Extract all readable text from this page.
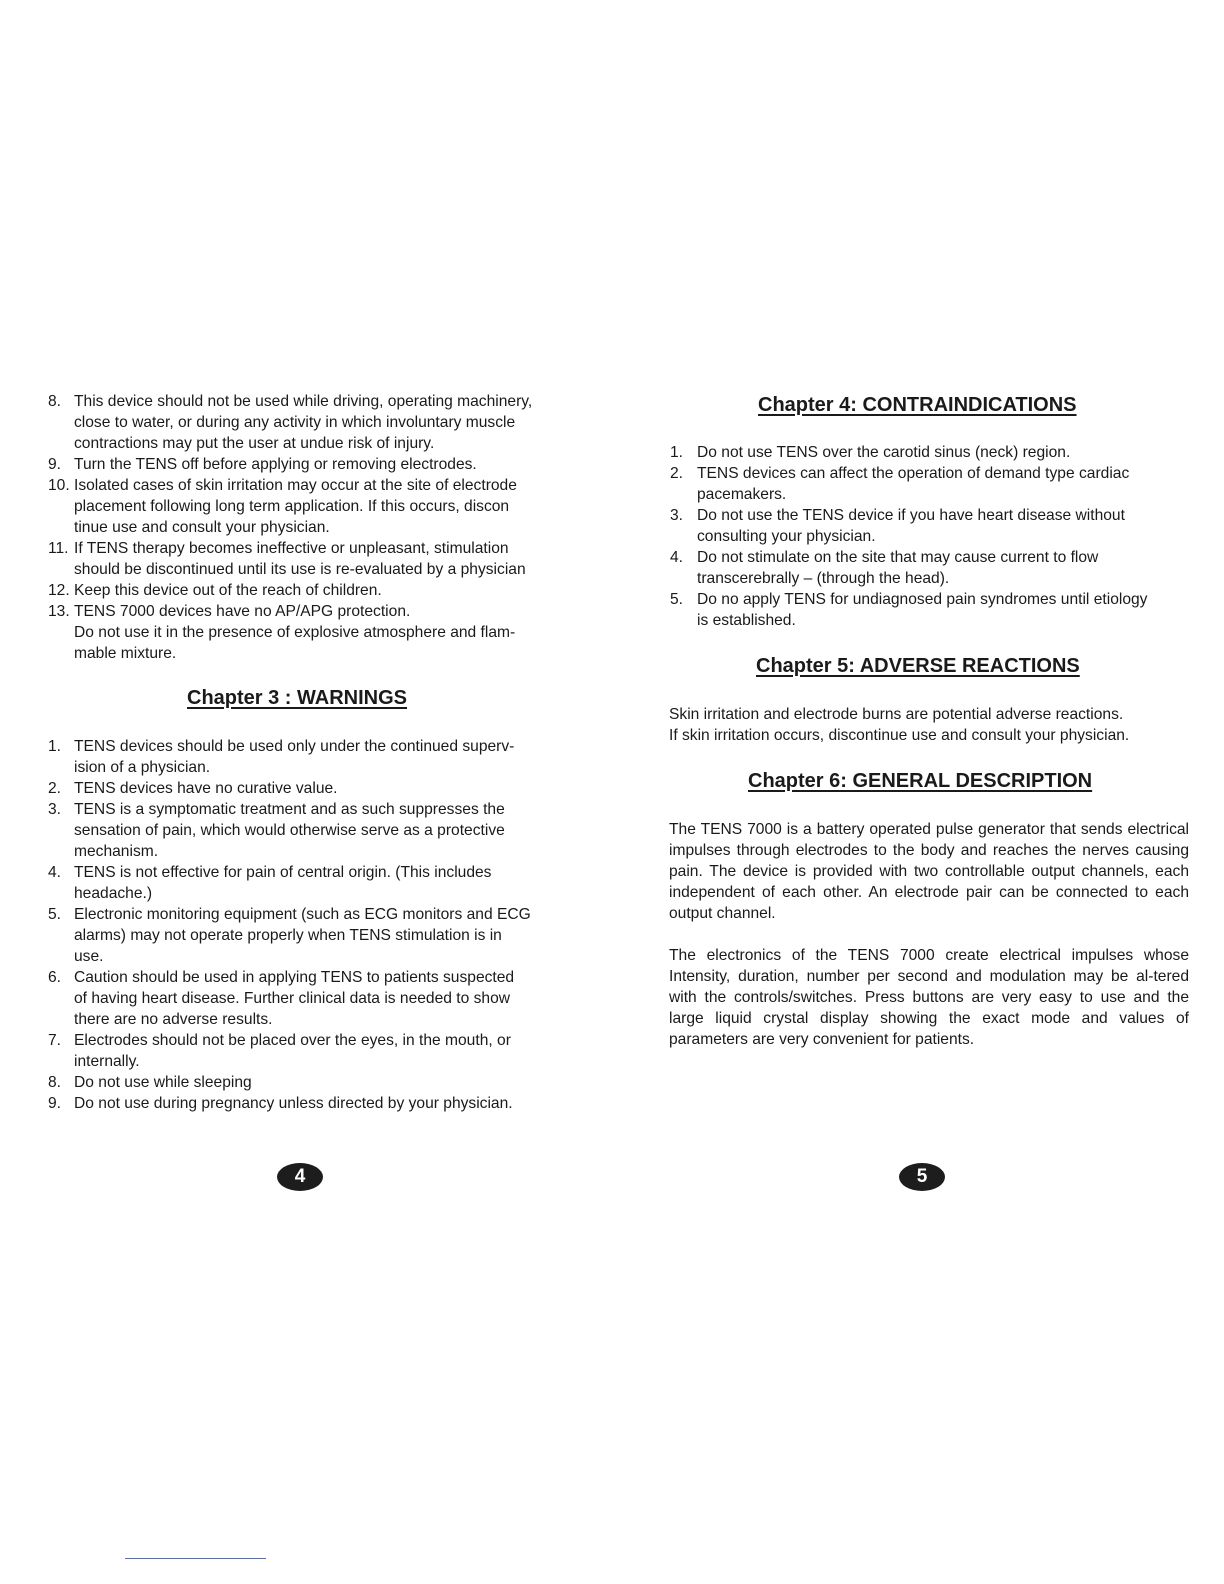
8. This device should not be used while driving, operating machinery,
close to water, or during any activity in which involuntary muscle
contractions may put the user at undue risk of injury.
9. Turn the TENS off before applying or removing electrodes.
10. Isolated cases of skin irritation may occur at the site of electrode
placement following long term application. If this occurs, discon
tinue use and consult your physician.
11. If TENS therapy becomes ineffective or unpleasant, stimulation
should be discontinued until its use is re-evaluated by a physician
12. Keep this device out of the reach of children.
13. TENS 7000 devices have no AP/APG protection.
Do not use it in the presence of explosive atmosphere and flam-
mable mixture.
Chapter 3 : WARNINGS
1. TENS devices should be used only under the continued superv-
ision of a physician.
2. TENS devices have no curative value.
3. TENS is a symptomatic treatment and as such suppresses the
sensation of pain, which would otherwise serve as a protective
mechanism.
4. TENS is not effective for pain of central origin. (This includes
headache.)
5. Electronic monitoring equipment (such as ECG monitors and ECG
alarms) may not operate properly when TENS stimulation is in
use.
6. Caution should be used in applying TENS to patients suspected
of having heart disease. Further clinical data is needed to show
there are no adverse results.
7. Electrodes should not be placed over the eyes, in the mouth, or
internally.
8. Do not use while sleeping
9. Do not use during pregnancy unless directed by your physician.
4
Chapter 4: CONTRAINDICATIONS
1. Do not use TENS over the carotid sinus (neck) region.
2. TENS devices can affect the operation of demand type cardiac
pacemakers.
3. Do not use the TENS device if you have heart disease without
consulting your physician.
4. Do not stimulate on the site that may cause current to flow
transcerebrally – (through the head).
5. Do no apply TENS for undiagnosed pain syndromes until etiology
is established.
Chapter 5: ADVERSE REACTIONS

Skin irritation and electrode burns are potential adverse reactions.
If skin irritation occurs, discontinue use and consult your physician.

Chapter 6: GENERAL DESCRIPTION

The TENS 7000 is a battery operated pulse generator that sends electrical impulses through electrodes to the body and reaches the nerves causing pain. The device is provided with two controllable output channels, each independent of each other. An electrode pair can be connected to each output channel.

The electronics of the TENS 7000 create electrical impulses whose Intensity, duration, number per second and modulation may be al-tered with the controls/switches. Press buttons are very easy to use and the large liquid crystal display showing the exact mode and values of parameters are very convenient for patients.

5
